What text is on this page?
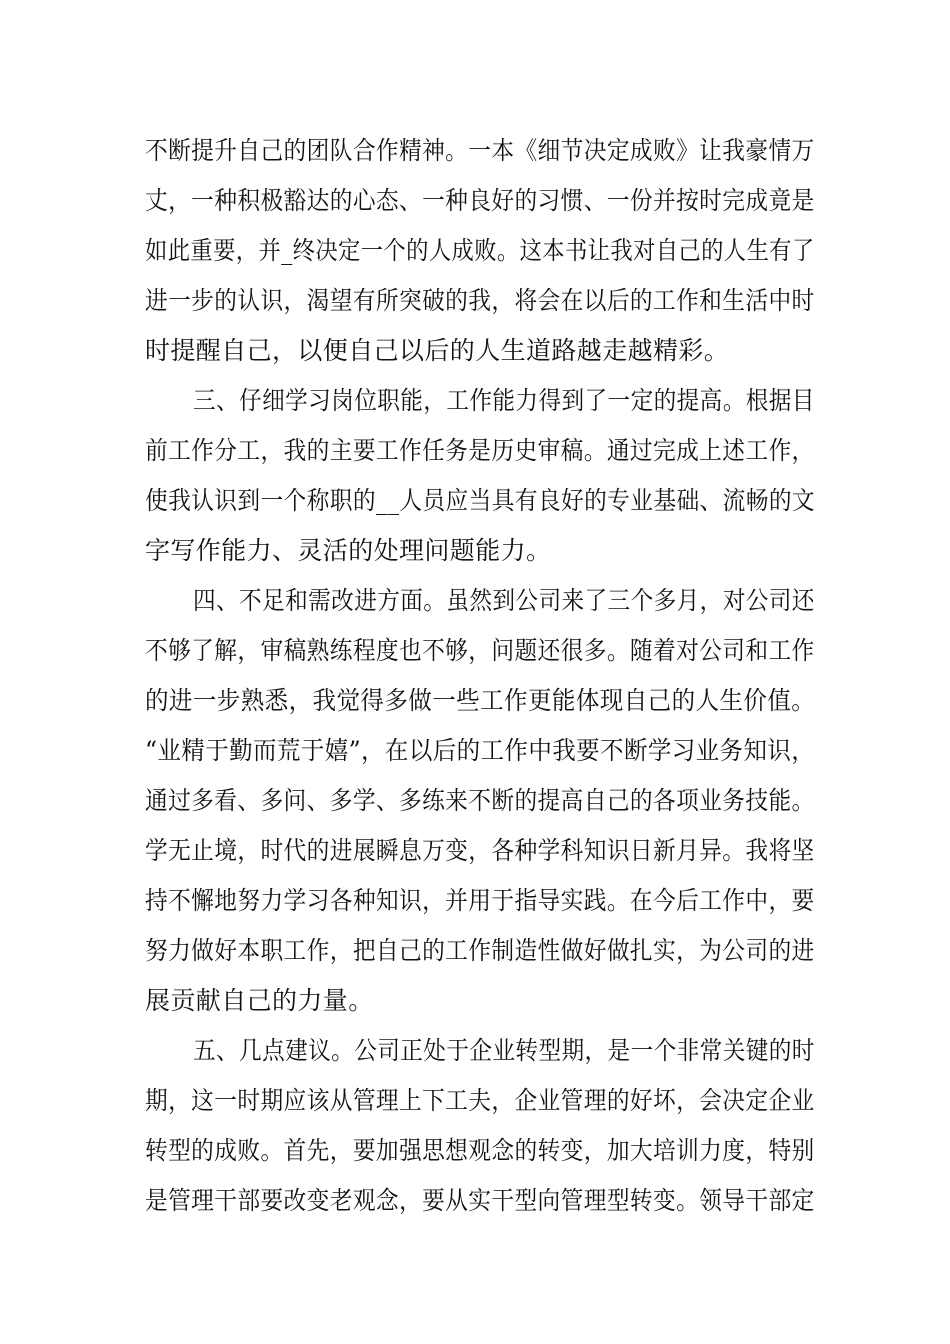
不断提升自己的团队合作精神。一本《细节决定成败》让我豪情万
丈，一种积极豁达的心态、一种良好的习惯、一份并按时完成竟是
如此重要，并_终决定一个的人成败。这本书让我对自己的人生有了
进一步的认识，渴望有所突破的我，将会在以后的工作和生活中时
时提醒自己，以便自己以后的人生道路越走越精彩。
三、仔细学习岗位职能，工作能力得到了一定的提高。根据目
前工作分工，我的主要工作任务是历史审稿。通过完成上述工作，
使我认识到一个称职的__人员应当具有良好的专业基础、流畅的文
字写作能力、灵活的处理问题能力。
四、不足和需改进方面。虽然到公司来了三个多月，对公司还
不够了解，审稿熟练程度也不够，问题还很多。随着对公司和工作
的进一步熟悉，我觉得多做一些工作更能体现自己的人生价值。
“业精于勤而荒于嬉”，在以后的工作中我要不断学习业务知识，
通过多看、多问、多学、多练来不断的提高自己的各项业务技能。
学无止境，时代的进展瞬息万变，各种学科知识日新月异。我将坚
持不懈地努力学习各种知识，并用于指导实践。在今后工作中，要
努力做好本职工作，把自己的工作制造性做好做扎实，为公司的进
展贡献自己的力量。
五、几点建议。公司正处于企业转型期，是一个非常关键的时
期，这一时期应该从管理上下工夫，企业管理的好坏，会决定企业
转型的成败。首先，要加强思想观念的转变，加大培训力度，特别
是管理干部要改变老观念，要从实干型向管理型转变。领导干部定
